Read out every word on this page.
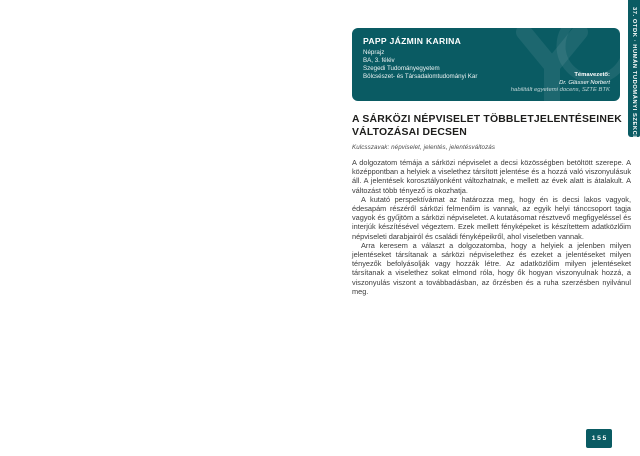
37. OTDK · HUMÁN TUDOMÁNYI SZEKCIÓ
PAPP JÁZMIN KARINA
Néprajz
BA, 3. félév
Szegedi Tudományegyetem
Bölcsészet- és Társadalomtudományi Kar	Témavezető:
Dr. Glässer Norbert
habilitált egyetemi docens, SZTE BTK
A SÁRKÖZI NÉPVISELET TÖBBLETJELENTÉSEINEK
VÁLTOZÁSAI DECSEN
Kulcsszavak: népviselet, jelentés, jelentésváltozás

A dolgozatom témája a sárközi népviselet a decsi közösségben betöltött szerepe. A középpontban a helyiek a viselethez társított jelentése és a hozzá való viszonyulásuk áll. A jelentések korosztályonként változhatnak, e mellett az évek alatt is átalakult. A változást több tényező is okozhatja.

A kutató perspektívámat az határozza meg, hogy én is decsi lakos vagyok, édesapám részéről sárközi felmenőim is vannak, az egyik helyi tánccsoport tagja vagyok és gyűjtöm a sárközi népviseletet. A kutatásomat résztvevő megfigyeléssel és interjúk készítésével végeztem. Ezek mellett fényképeket is készítettem adatközlőim népviseleti darabjairól és családi fényképeikről, ahol viseletben vannak.

Arra keresem a választ a dolgozatomba, hogy a helyiek a jelenben milyen jelentéseket társítanak a sárközi népviselethez és ezeket a jelentéseket milyen tényezők befolyásolják vagy hozzák létre. Az adatközlőim milyen jelentéseket társítanak a viselethez sokat elmond róla, hogy ők hogyan viszonyulnak hozzá, a viszonyulás viszont a továbbadásban, az őrzésben és a ruha szerzésben nyilvánul meg.

155
